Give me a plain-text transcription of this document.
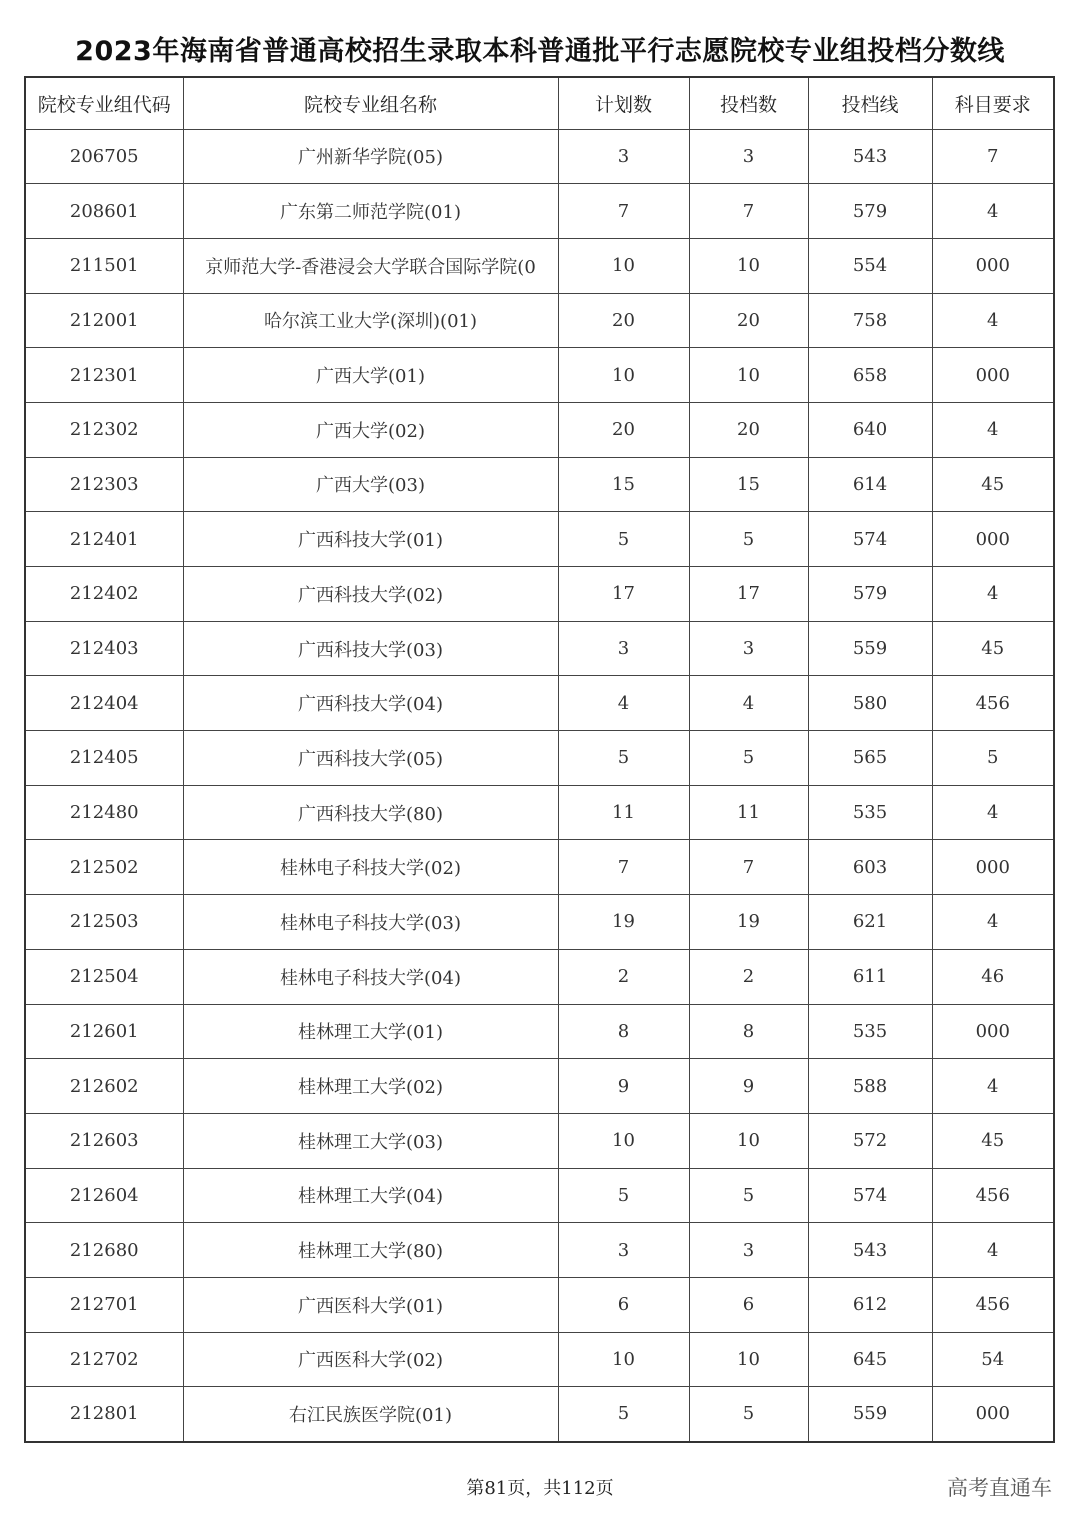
2023年海南省普通高校招生录取本科普通批平行志愿院校专业组投档分数线
院校专业组代码	院校专业组名称	计划数	投档数	投档线	科目要求
206705	广州新华学院(05)	3	3	543	7
208601	广东第二师范学院(01)	7	7	579	4
211501	京师范大学-香港浸会大学联合国际学院(0	10	10	554	000
212001	哈尔滨工业大学(深圳)(01)	20	20	758	4
212301	广西大学(01)	10	10	658	000
212302	广西大学(02)	20	20	640	4
212303	广西大学(03)	15	15	614	45
212401	广西科技大学(01)	5	5	574	000
212402	广西科技大学(02)	17	17	579	4
212403	广西科技大学(03)	3	3	559	45
212404	广西科技大学(04)	4	4	580	456
212405	广西科技大学(05)	5	5	565	5
212480	广西科技大学(80)	11	11	535	4
212502	桂林电子科技大学(02)	7	7	603	000
212503	桂林电子科技大学(03)	19	19	621	4
212504	桂林电子科技大学(04)	2	2	611	46
212601	桂林理工大学(01)	8	8	535	000
212602	桂林理工大学(02)	9	9	588	4
212603	桂林理工大学(03)	10	10	572	45
212604	桂林理工大学(04)	5	5	574	456
212680	桂林理工大学(80)	3	3	543	4
212701	广西医科大学(01)	6	6	612	456
212702	广西医科大学(02)	10	10	645	54
212801	右江民族医学院(01)	5	5	559	000
第81页，共112页	高考直通车
